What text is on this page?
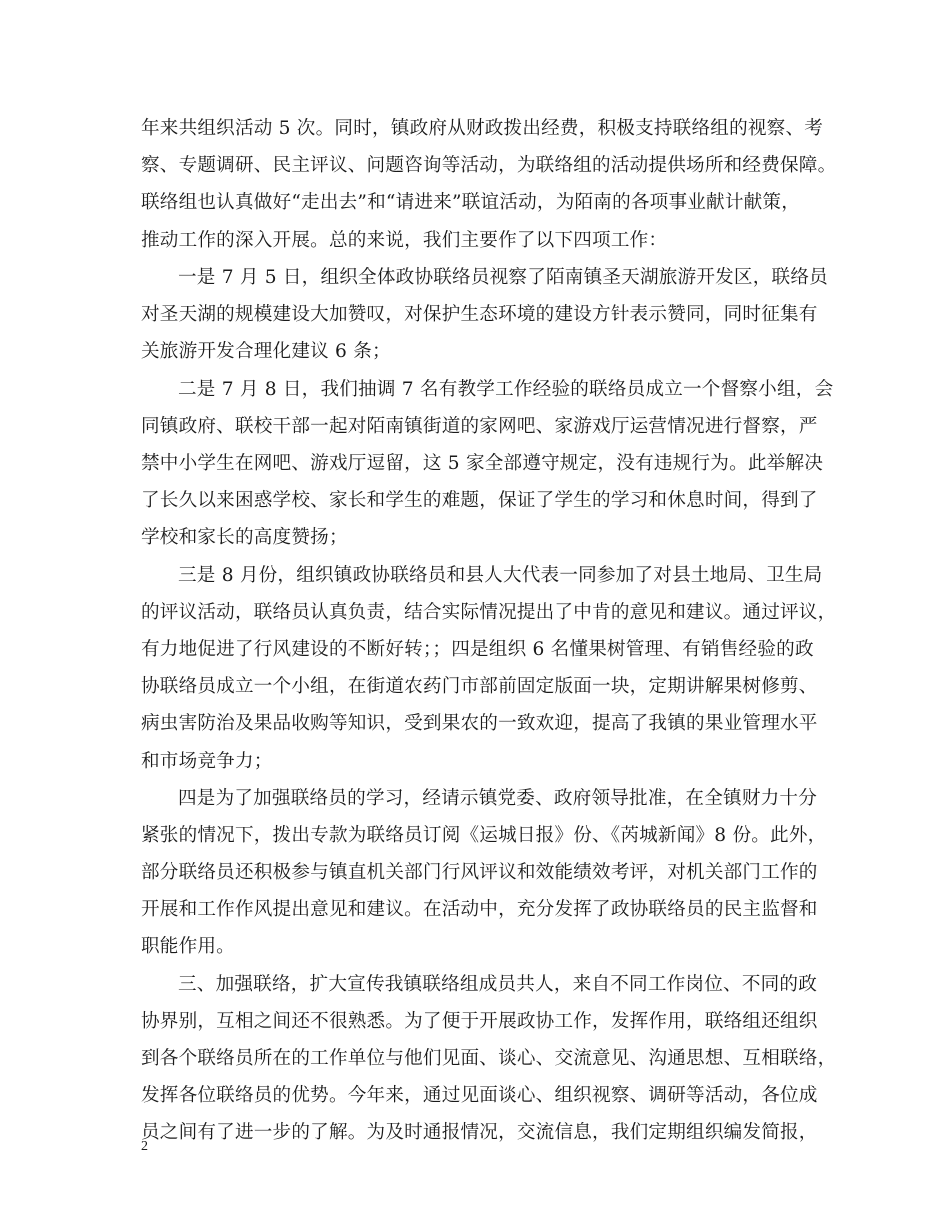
年来共组织活动 5 次。同时，镇政府从财政拨出经费，积极支持联络组的视察、考
察、专题调研、民主评议、问题咨询等活动，为联络组的活动提供场所和经费保障。
联络组也认真做好“走出去”和“请进来”联谊活动，为陌南的各项事业献计献策，
推动工作的深入开展。总的来说，我们主要作了以下四项工作：
一是 7 月 5 日，组织全体政协联络员视察了陌南镇圣天湖旅游开发区，联络员
对圣天湖的规模建设大加赞叹，对保护生态环境的建设方针表示赞同，同时征集有
关旅游开发合理化建议 6 条；
二是 7 月 8 日，我们抽调 7 名有教学工作经验的联络员成立一个督察小组，会
同镇政府、联校干部一起对陌南镇街道的家网吧、家游戏厅运营情况进行督察，严
禁中小学生在网吧、游戏厅逗留，这 5 家全部遵守规定，没有违规行为。此举解决
了长久以来困惑学校、家长和学生的难题，保证了学生的学习和休息时间，得到了
学校和家长的高度赞扬；
三是 8 月份，组织镇政协联络员和县人大代表一同参加了对县土地局、卫生局
的评议活动，联络员认真负责，结合实际情况提出了中肯的意见和建议。通过评议，
有力地促进了行风建设的不断好转；；四是组织 6 名懂果树管理、有销售经验的政
协联络员成立一个小组，在街道农药门市部前固定版面一块，定期讲解果树修剪、
病虫害防治及果品收购等知识，受到果农的一致欢迎，提高了我镇的果业管理水平
和市场竞争力；
四是为了加强联络员的学习，经请示镇党委、政府领导批准，在全镇财力十分
紧张的情况下，拨出专款为联络员订阅《运城日报》份、《芮城新闻》8 份。此外，
部分联络员还积极参与镇直机关部门行风评议和效能绩效考评，对机关部门工作的
开展和工作作风提出意见和建议。在活动中，充分发挥了政协联络员的民主监督和
职能作用。
三、加强联络，扩大宣传我镇联络组成员共人，来自不同工作岗位、不同的政
协界别，互相之间还不很熟悉。为了便于开展政协工作，发挥作用，联络组还组织
到各个联络员所在的工作单位与他们见面、谈心、交流意见、沟通思想、互相联络，
发挥各位联络员的优势。今年来，通过见面谈心、组织视察、调研等活动，各位成
员之间有了进一步的了解。为及时通报情况，交流信息，我们定期组织编发简报，
2
